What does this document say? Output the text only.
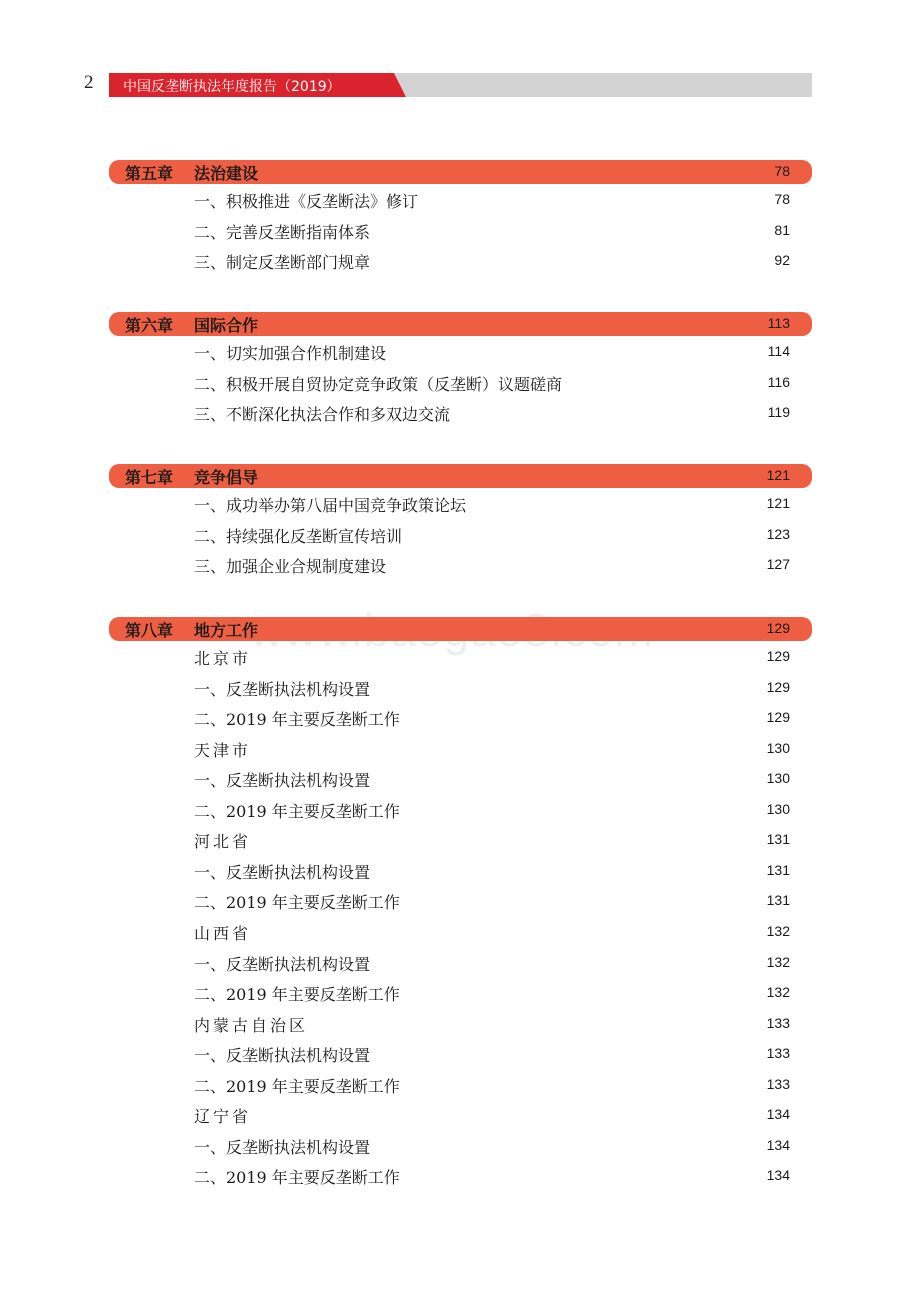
2 中国反垄断执法年度报告（2019）
第五章 法治建设	78
一、积极推进《反垄断法》修订	78
二、完善反垄断指南体系	81
三、制定反垄断部门规章	92
第六章 国际合作	113
一、切实加强合作机制建设	114
二、积极开展自贸协定竞争政策（反垄断）议题磋商	116
三、不断深化执法合作和多双边交流	119
第七章 竞争倡导	121
一、成功举办第八届中国竞争政策论坛	121
二、持续强化反垄断宣传培训	123
三、加强企业合规制度建设	127
第八章 地方工作	129
北京市	129
一、反垄断执法机构设置	129
二、2019 年主要反垄断工作	129
天津市	130
一、反垄断执法机构设置	130
二、2019 年主要反垄断工作	130
河北省	131
一、反垄断执法机构设置	131
二、2019 年主要反垄断工作	131
山西省	132
一、反垄断执法机构设置	132
二、2019 年主要反垄断工作	132
内蒙古自治区	133
一、反垄断执法机构设置	133
二、2019 年主要反垄断工作	133
辽宁省	134
一、反垄断执法机构设置	134
二、2019 年主要反垄断工作	134
